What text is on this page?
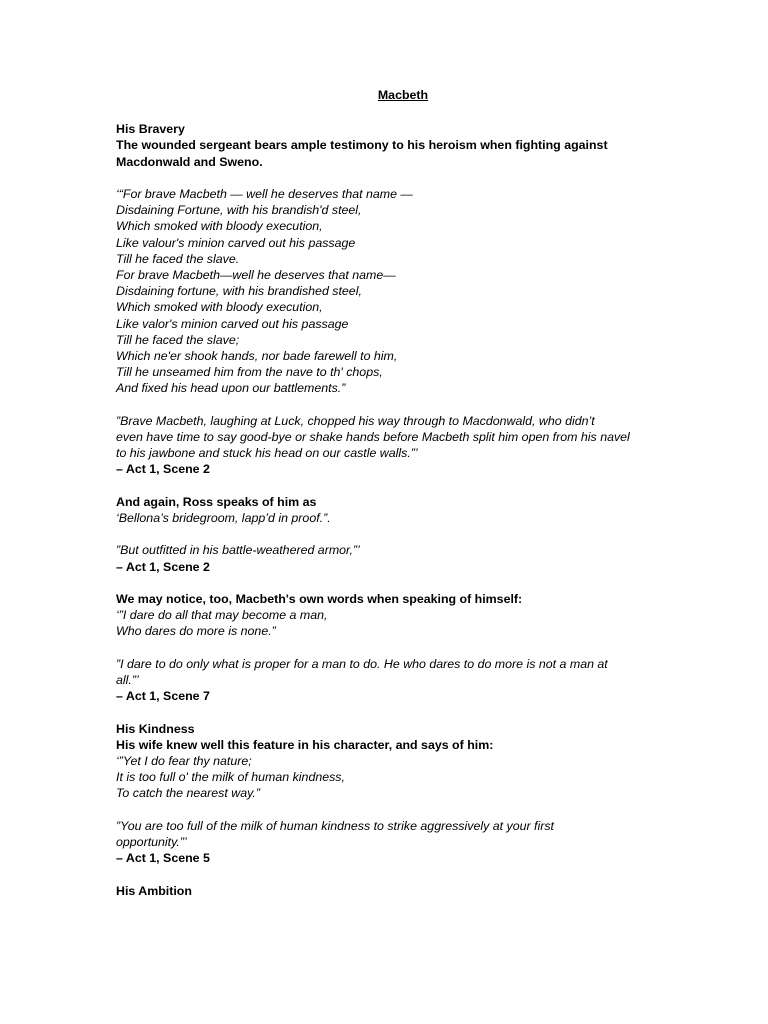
Macbeth
His Bravery
The wounded sergeant bears ample testimony to his heroism when fighting against
Macdonwald and Sweno.
‘“For brave Macbeth — well he deserves that name —
Disdaining Fortune, with his brandish'd steel,
Which smoked with bloody execution,
Like valour's minion carved out his passage
Till he faced the slave.
For brave Macbeth—well he deserves that name—
Disdaining fortune, with his brandished steel,
Which smoked with bloody execution,
Like valor's minion carved out his passage
Till he faced the slave;
Which ne'er shook hands, nor bade farewell to him,
Till he unseamed him from the nave to th' chops,
And fixed his head upon our battlements.”
”Brave Macbeth, laughing at Luck, chopped his way through to Macdonwald, who didn’t
even have time to say good-bye or shake hands before Macbeth split him open from his navel
to his jawbone and stuck his head on our castle walls.”’
– Act 1, Scene 2
And again, Ross speaks of him as
‘Bellona’s bridegroom, lapp’d in proof.”.
”But outfitted in his battle-weathered armor,”’
– Act 1, Scene 2
We may notice, too, Macbeth's own words when speaking of himself:
‘”I dare do all that may become a man,
Who dares do more is none.”
”I dare to do only what is proper for a man to do. He who dares to do more is not a man at
all.”’
– Act 1, Scene 7
His Kindness
His wife knew well this feature in his character, and says of him:
‘”Yet I do fear thy nature;
It is too full o' the milk of human kindness,
To catch the nearest way.”
”You are too full of the milk of human kindness to strike aggressively at your first
opportunity.”’
– Act 1, Scene 5
His Ambition
